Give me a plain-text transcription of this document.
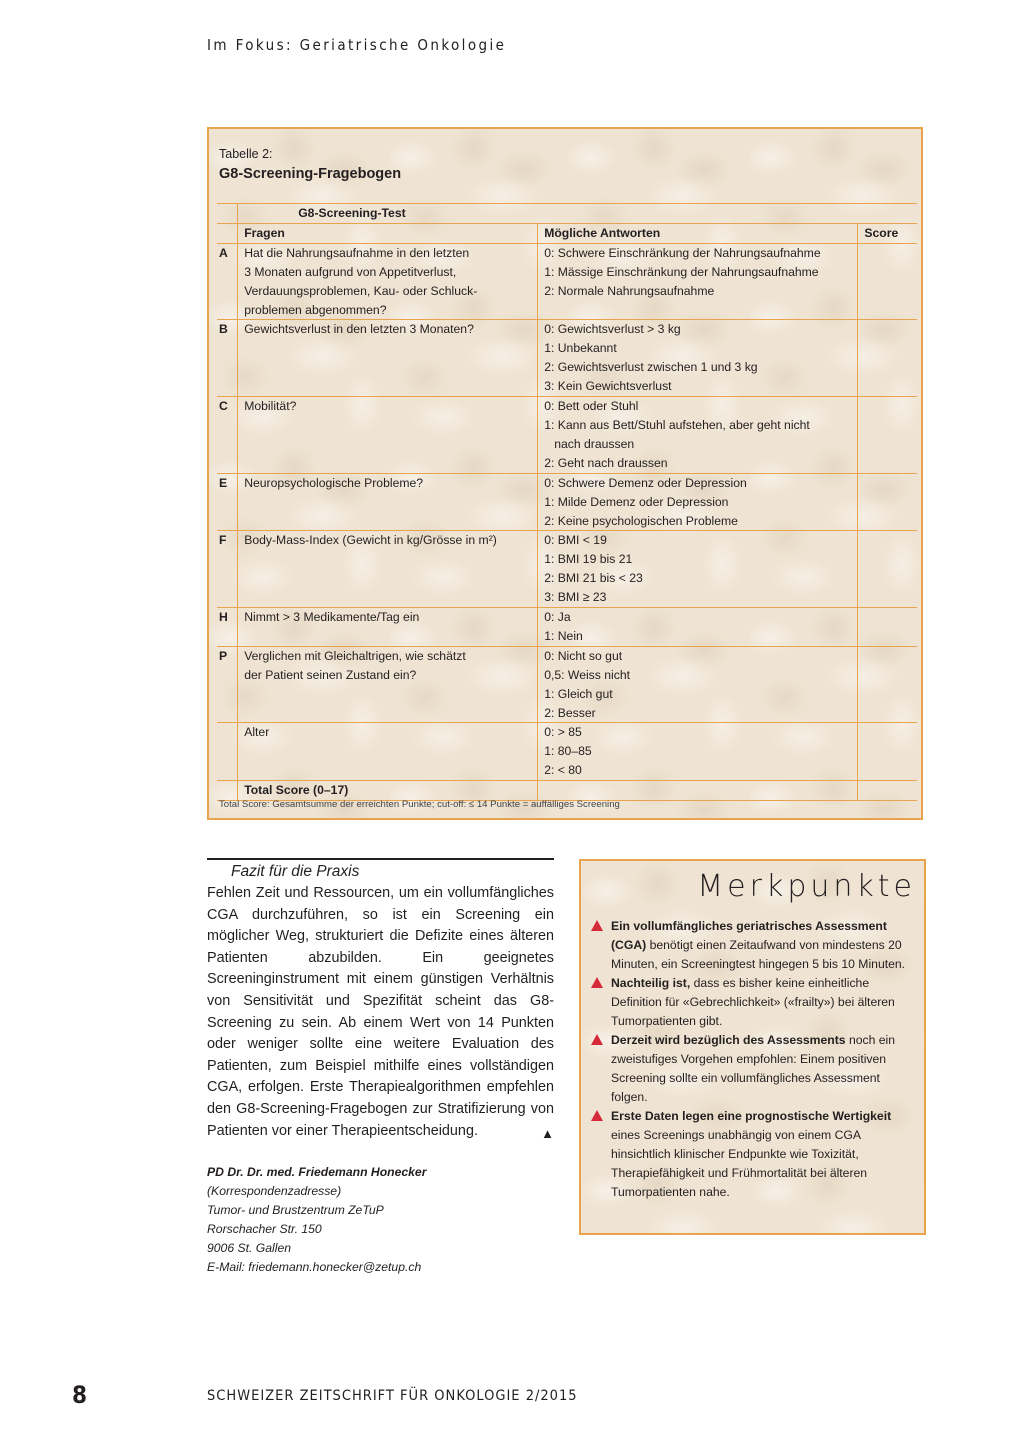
Im Fokus: Geriatrische Onkologie
Tabelle 2:
G8-Screening-Fragebogen
	G8-Screening-Test		
	Fragen	Mögliche Antworten	Score
A	Hat die Nahrungsaufnahme in den letzten
3 Monaten aufgrund von Appetitverlust,
Verdauungsproblemen, Kau- oder Schluck-
problemen abgenommen?	0: Schwere Einschränkung der Nahrungsaufnahme
1: Mässige Einschränkung der Nahrungsaufnahme
2: Normale Nahrungsaufnahme	

B	Gewichtsverlust in den letzten 3 Monaten?	0: Gewichtsverlust > 3 kg
1: Unbekannt
2: Gewichtsverlust zwischen 1 und 3 kg
3: Kein Gewichtsverlust	

C	Mobilität?	0: Bett oder Stuhl
1: Kann aus Bett/Stuhl aufstehen, aber geht nicht
nach draussen
2: Geht nach draussen	

E	Neuropsychologische Probleme?	0: Schwere Demenz oder Depression
1: Milde Demenz oder Depression
2: Keine psychologischen Probleme	

F	Body-Mass-Index (Gewicht in kg/Grösse in m²)	0: BMI < 19
1: BMI 19 bis 21
2: BMI 21 bis < 23
3: BMI ≥ 23	

H	Nimmt > 3 Medikamente/Tag ein	0: Ja
1: Nein	

P	Verglichen mit Gleichaltrigen, wie schätzt
der Patient seinen Zustand ein?	0: Nicht so gut
0,5: Weiss nicht
1: Gleich gut
2: Besser	

	Alter	0: > 85
1: 80–85
2: < 80	

	Total Score (0–17)		
Total Score: Gesamtsumme der erreichten Punkte; cut-off: ≤ 14 Punkte = auffälliges Screening
Fazit für die Praxis
Fehlen Zeit und Ressourcen, um ein vollumfängliches CGA durchzuführen, so ist ein Screening ein möglicher Weg, strukturiert die Defizite eines älteren Patienten abzubilden. Ein geeignetes Screeninginstrument mit einem günstigen Verhältnis von Sensitivität und Spezifität scheint das G8-Screening zu sein. Ab einem Wert von 14 Punkten oder weniger sollte eine weitere Evaluation des Patienten, zum Beispiel mithilfe eines vollständigen CGA, erfolgen. Erste Therapiealgorithmen empfehlen den G8-Screening-Fragebogen zur Stratifizierung von Patienten vor einer Therapieentscheidung.	▲
PD Dr. Dr. med. Friedemann Honecker
(Korrespondenzadresse)
Tumor- und Brustzentrum ZeTuP
Rorschacher Str. 150
9006 St. Gallen
E-Mail: friedemann.honecker@zetup.ch
Merkpunkte
Ein vollumfängliches geriatrisches Assessment (CGA) benötigt einen Zeitaufwand von mindestens 20 Minuten, ein Screeningtest hingegen 5 bis 10 Minuten.
Nachteilig ist, dass es bisher keine einheitliche Definition für «Gebrechlichkeit» («frailty») bei älteren Tumorpatienten gibt.
Derzeit wird bezüglich des Assessments noch ein zweistufiges Vorgehen empfohlen: Einem positiven Screening sollte ein vollumfängliches Assessment folgen.
Erste Daten legen eine prognostische Wertigkeit eines Screenings unabhängig von einem CGA hinsichtlich klinischer Endpunkte wie Toxizität, Therapiefähigkeit und Frühmortalität bei älteren Tumorpatienten nahe.
8	SCHWEIZER ZEITSCHRIFT FÜR ONKOLOGIE 2/2015
